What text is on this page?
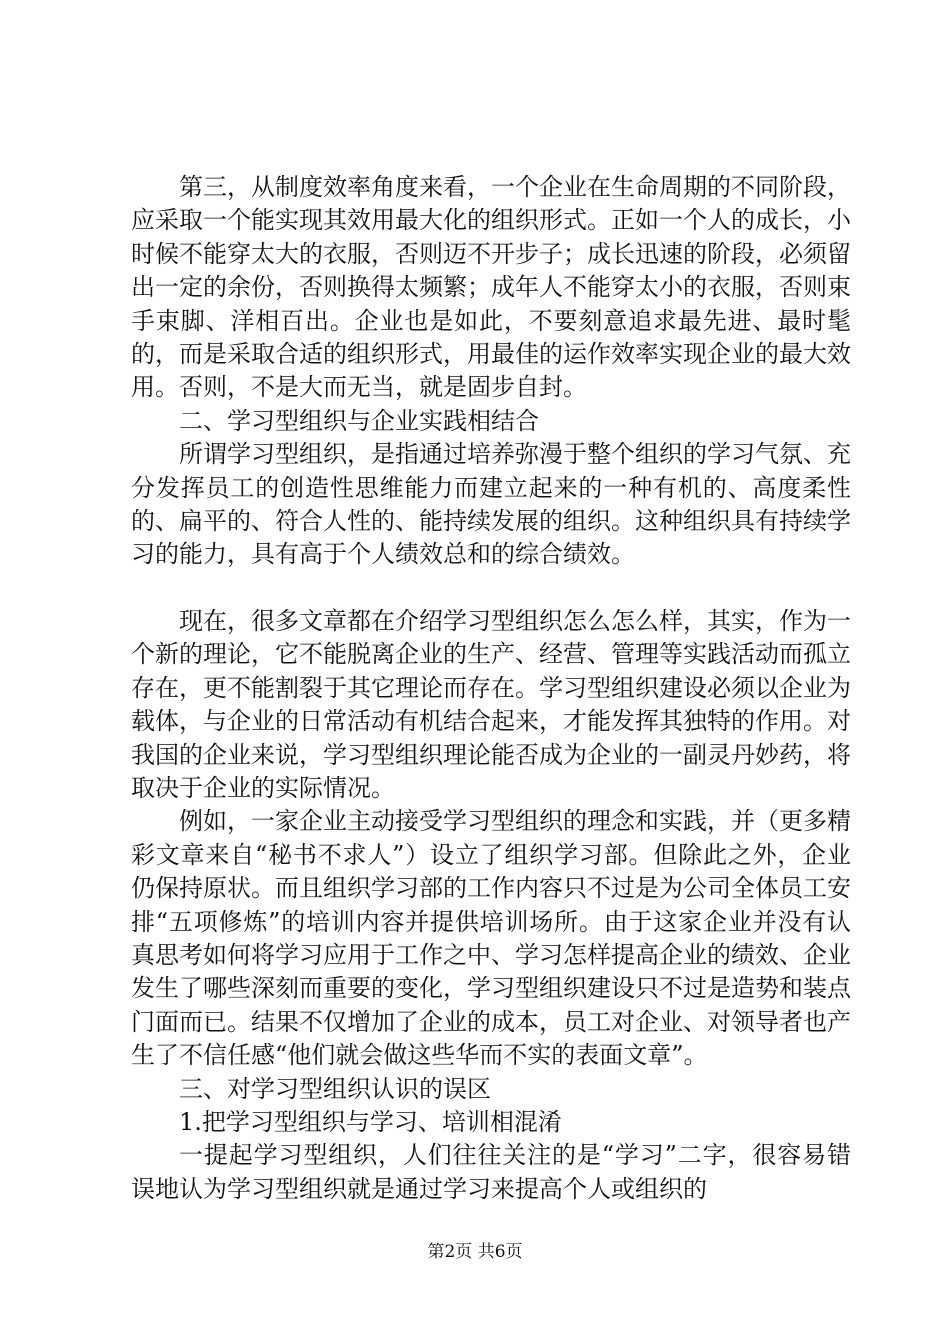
第三，从制度效率角度来看，一个企业在生命周期的不同阶段，应采取一个能实现其效用最大化的组织形式。正如一个人的成长，小时候不能穿太大的衣服，否则迈不开步子；成长迅速的阶段，必须留出一定的余份，否则换得太频繁；成年人不能穿太小的衣服，否则束手束脚、洋相百出。企业也是如此，不要刻意追求最先进、最时髦的，而是采取合适的组织形式，用最佳的运作效率实现企业的最大效用。否则，不是大而无当，就是固步自封。

二、学习型组织与企业实践相结合

所谓学习型组织，是指通过培养弥漫于整个组织的学习气氛、充分发挥员工的创造性思维能力而建立起来的一种有机的、高度柔性的、扁平的、符合人性的、能持续发展的组织。这种组织具有持续学习的能力，具有高于个人绩效总和的综合绩效。

现在，很多文章都在介绍学习型组织怎么怎么样，其实，作为一个新的理论，它不能脱离企业的生产、经营、管理等实践活动而孤立存在，更不能割裂于其它理论而存在。学习型组织建设必须以企业为载体，与企业的日常活动有机结合起来，才能发挥其独特的作用。对我国的企业来说，学习型组织理论能否成为企业的一副灵丹妙药，将取决于企业的实际情况。

例如，一家企业主动接受学习型组织的理念和实践，并（更多精彩文章来自“秘书不求人”）设立了组织学习部。但除此之外，企业仍保持原状。而且组织学习部的工作内容只不过是为公司全体员工安排“五项修炼”的培训内容并提供培训场所。由于这家企业并没有认真思考如何将学习应用于工作之中、学习怎样提高企业的绩效、企业发生了哪些深刻而重要的变化，学习型组织建设只不过是造势和装点门面而已。结果不仅增加了企业的成本，员工对企业、对领导者也产生了不信任感“他们就会做这些华而不实的表面文章”。

三、对学习型组织认识的误区

1.把学习型组织与学习、培训相混淆

一提起学习型组织，人们往往关注的是“学习”二字，很容易错误地认为学习型组织就是通过学习来提高个人或组织的

第2页 共6页
